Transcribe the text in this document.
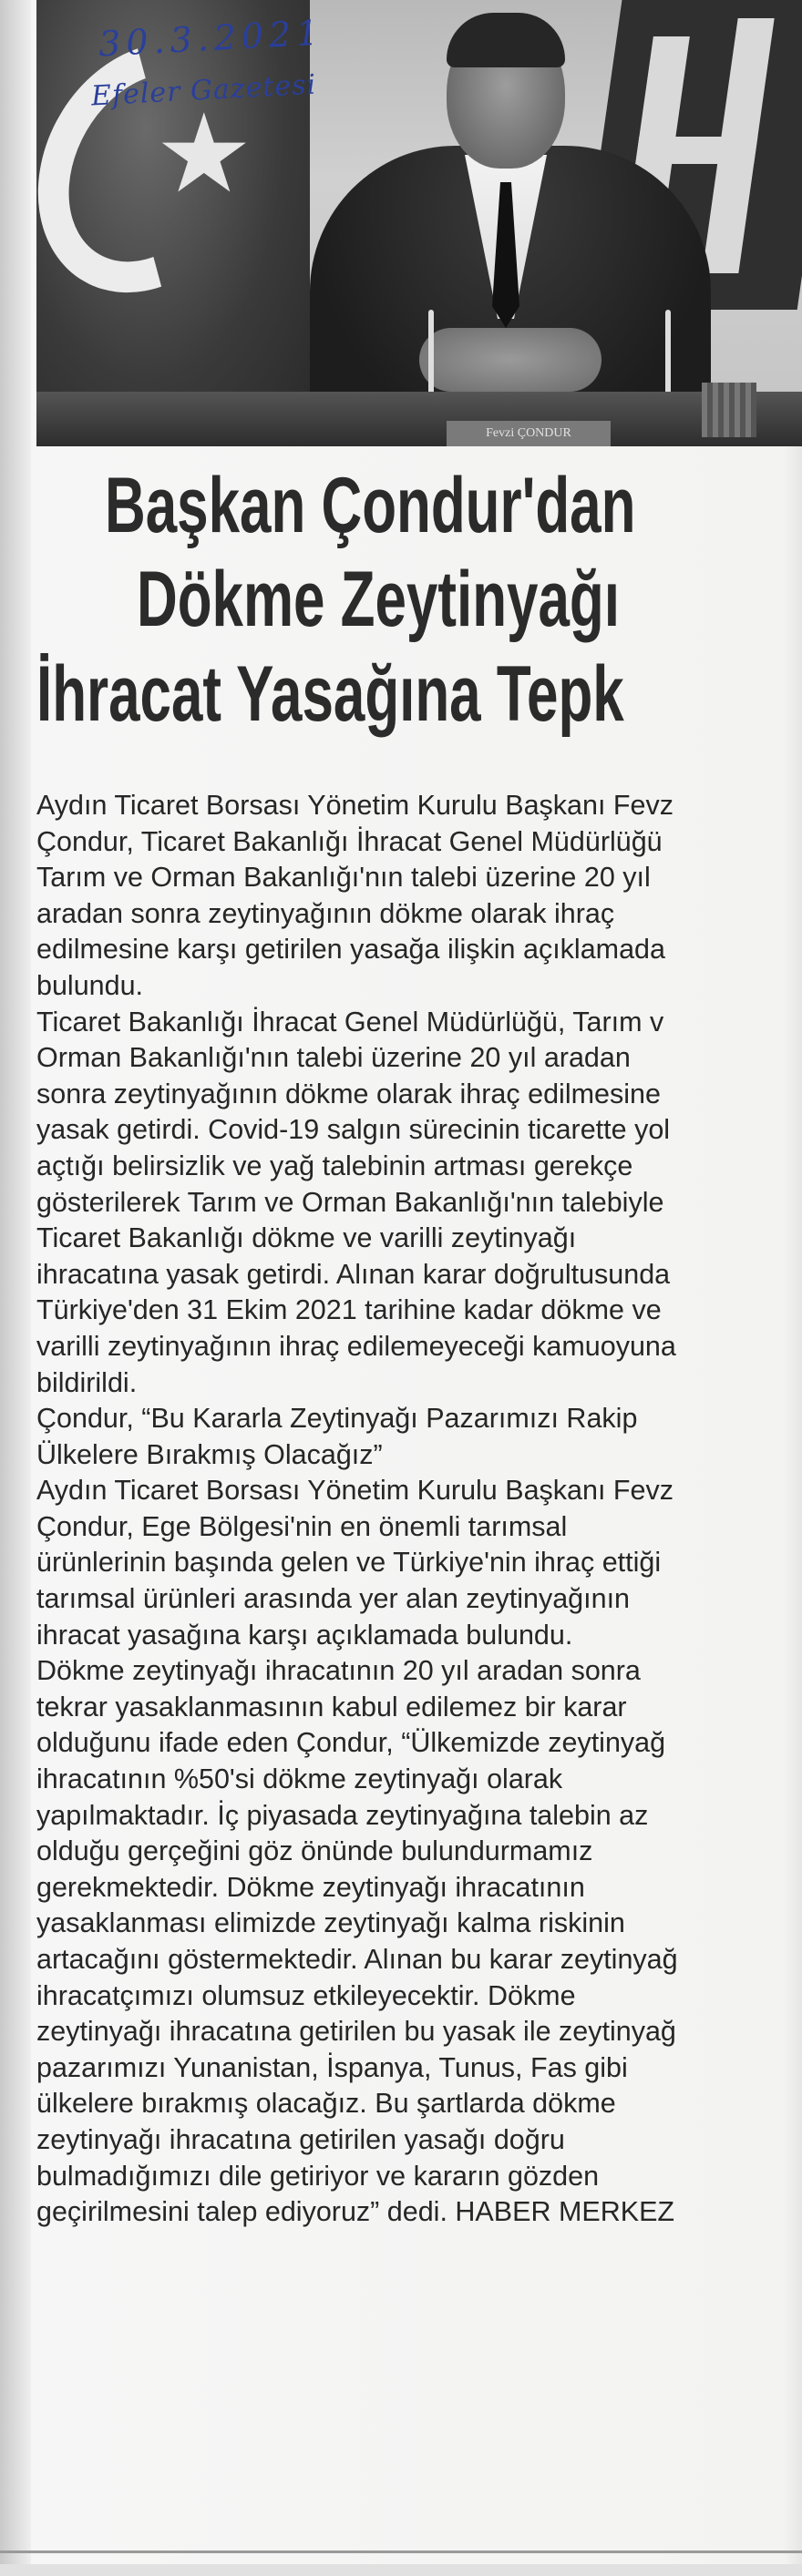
★
Fevzi ÇONDUR
30.3.2021
Efeler Gazetesi
Başkan Çondur'dan
Dökme Zeytinyağı
İhracat Yasağına Tepk
Aydın Ticaret Borsası Yönetim Kurulu Başkanı Fevz
Çondur, Ticaret Bakanlığı İhracat Genel Müdürlüğü
Tarım ve Orman Bakanlığı'nın talebi üzerine 20 yıl
aradan sonra zeytinyağının dökme olarak ihraç
edilmesine karşı getirilen yasağa ilişkin açıklamada
bulundu.
Ticaret Bakanlığı İhracat Genel Müdürlüğü, Tarım v
Orman Bakanlığı'nın talebi üzerine 20 yıl aradan
sonra zeytinyağının dökme olarak ihraç edilmesine
yasak getirdi. Covid-19 salgın sürecinin ticarette yol
açtığı belirsizlik ve yağ talebinin artması gerekçe
gösterilerek Tarım ve Orman Bakanlığı'nın talebiyle
Ticaret Bakanlığı dökme ve varilli zeytinyağı
ihracatına yasak getirdi. Alınan karar doğrultusunda
Türkiye'den 31 Ekim 2021 tarihine kadar dökme ve
varilli zeytinyağının ihraç edilemeyeceği kamuoyuna
bildirildi.
Çondur, “Bu Kararla Zeytinyağı Pazarımızı Rakip
Ülkelere Bırakmış Olacağız”
Aydın Ticaret Borsası Yönetim Kurulu Başkanı Fevz
Çondur, Ege Bölgesi'nin en önemli tarımsal
ürünlerinin başında gelen ve Türkiye'nin ihraç ettiği
tarımsal ürünleri arasında yer alan zeytinyağının
ihracat yasağına karşı açıklamada bulundu.
Dökme zeytinyağı ihracatının 20 yıl aradan sonra
tekrar yasaklanmasının kabul edilemez bir karar
olduğunu ifade eden Çondur, “Ülkemizde zeytinyağ
ihracatının %50'si dökme zeytinyağı olarak
yapılmaktadır. İç piyasada zeytinyağına talebin az
olduğu gerçeğini göz önünde bulundurmamız
gerekmektedir. Dökme zeytinyağı ihracatının
yasaklanması elimizde zeytinyağı kalma riskinin
artacağını göstermektedir. Alınan bu karar zeytinyağ
ihracatçımızı olumsuz etkileyecektir. Dökme
zeytinyağı ihracatına getirilen bu yasak ile zeytinyağ
pazarımızı Yunanistan, İspanya, Tunus, Fas gibi
ülkelere bırakmış olacağız. Bu şartlarda dökme
zeytinyağı ihracatına getirilen yasağı doğru
bulmadığımızı dile getiriyor ve kararın gözden
geçirilmesini talep ediyoruz” dedi. HABER MERKEZ
